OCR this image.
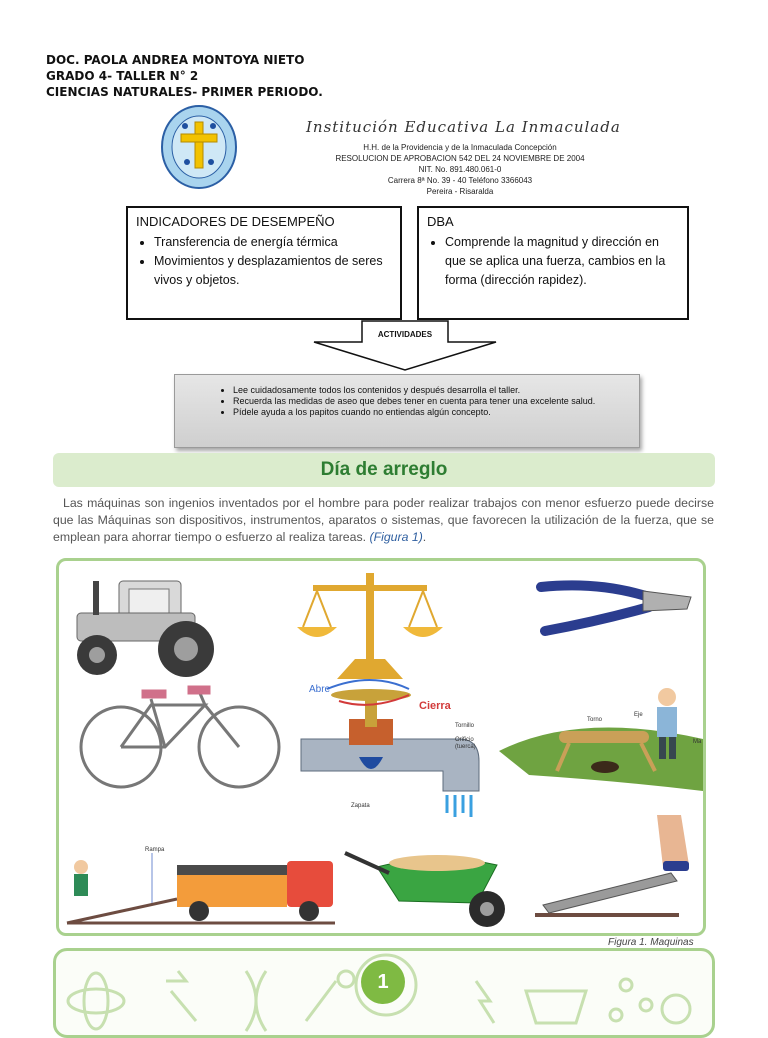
DOC. PAOLA ANDREA MONTOYA NIETO
GRADO 4- TALLER N° 2
CIENCIAS NATURALES- PRIMER PERIODO.
Institución Educativa La Inmaculada
H.H. de la Providencia y de la Inmaculada Concepción
RESOLUCION DE APROBACION 542 DEL 24 NOVIEMBRE DE 2004
NIT. No. 891.480.061-0
Carrera 8ª No. 39 - 40 Teléfono 3366043
Pereira - Risaralda
INDICADORES DE DESEMPEÑO
• Transferencia de energía térmica
• Movimientos y desplazamientos de seres vivos y objetos.
DBA
• Comprende la magnitud y dirección en que se aplica una fuerza, cambios en la forma (dirección rapidez).
ACTIVIDADES
• Lee cuidadosamente todos los contenidos y después desarrolla el taller.
• Recuerda las medidas de aseo que debes tener en cuenta para tener una excelente salud.
• Pídele ayuda a los papitos cuando no entiendas algún concepto.
Día de arreglo
Las máquinas son ingenios inventados por el hombre para poder realizar trabajos con menor esfuerzo puede decirse que las Máquinas son dispositivos, instrumentos, aparatos o sistemas, que favorecen la utilización de la fuerza, que se emplean para ahorrar tiempo o esfuerzo al realiza tareas. (Figura 1).
Abre
Cierra
Tornillo
Orificio
(tuerca)
Zapata
Torno
Eje
Ma
Rampa
Figura 1. Maquinas
1
